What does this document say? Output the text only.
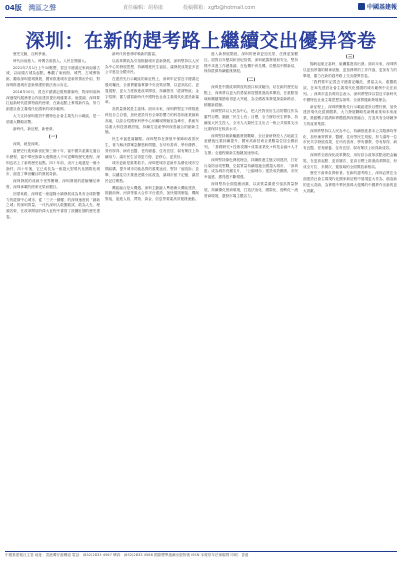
04版 灣區之聲	責任編輯：胡裕康	投稿郵箱：xgfb@hotmail.com	中國基建報
深圳：在新的趕考路上繼續交出優异答卷

歷史交匯，百舸爭流。

時代向前進入，時間告訴我人。人民在閱讀人。

2021年7月1日上午10點整，習近平總書記來到南頭古城，以南頭古城為起點，參觀了東西街、城門、古城博物館、聽取深圳建城發展、國家推進城市更新的情況介紹，對深圳推進城市更新保護的做法表示肯定。

2018年10月，習近平總書記視察廣東時，對深圳前海深港現代服務業合作區建設提出明確要求。他強調，深圳要扛起新時代經濟特區的使命，在新起點上實現新作為，努力創建社會主義現代化國家的城市範例。

大力支持深圳建設中國特色社會主義先行示範區，是一項重大戰略部署。

新時代，新征程，新使命。

(一)

深圳，就是深圳。

當歷史行進到新世紀第三個十年，當中國共產黨走過百年歷程，當中華民族偉大復興進入不可逆轉的歷史進程，深圳也站上了新的歷史起點。四十年前，這片土地還是一個小漁村；四十年後，它已成長為一座超大型現代化國際化城市，創造了舉世矚目的發展奇跡。

深圳發展的成就令世界驚嘆，深圳發展的經驗彌足珍貴，深圳承載的使命光榮而艱巨。

回望來路，深圳從一座邊陲小鎮發展成為具有全球影響力的經濟中心城市，從「三天一層樓」的深圳速度到「創新之城」的深圳質量，一代代深圳人敢闖敢試、敢為人先、埋頭苦幹，在改革開放的偉大征程中書寫了波瀾壯闊的歷史畫卷。

新時代的使命呼喚新的擔當。

以改革開放為引領推動城市更新發展，深圳堅持以人民為中心的發展思想，持續增進民生福祉，讓發展成果更多更公平惠及全體市民。

在建設先行示範區的新征程上，深圳牢記習近平總書記殷切囑託，全面貫徹落實黨中央決策部署，以更高站位、更寬視野、更大力度推進改革開放，持續擦亮「經濟特區」金字招牌，奮力譜寫新時代中國特色社會主義現代化建設新篇章。

高質量發展是主旋律。面向未來，深圳將堅定不移推進科技自立自強，加快建設具有全球影響力的科技和產業創新高地，以綜合性國家科學中心和鵬城實驗室為牽引，系統布局重大科技基礎設施，持續打造產學研深度融合的創新生態。

民生幸福是落腳點。深圳堅持在發展中保障和改善民生，著力解決群眾急難愁盼問題，在幼有善育、學有優教、勞有厚得、病有良醫、老有頤養、住有宜居、弱有眾扶上持續用力，讓市民生活得更方便、更舒心、更美好。

城市更新是重要抓手。深圳把城市更新作為優化城市空間結構、提升城市功能品質的重要途徑，堅持「留改拆」並舉，以繡花功夫推進老舊小區改造，讓城市留下記憶，讓居民記住鄉愁。

灣區融合是大機遇。深圳主動融入粵港澳大灣區建設，推動前海、河套等重大合作平台建設，加快規則銜接、機制對接，促進人員、貨物、資金、信息等要素高效便捷流動。

進入新發展階段，深圳的使命更加光榮，任務更加艱巨。面對百年變局和世紀疫情，深圳統籌發展和安全，堅持穩中求進工作總基調，在危機中育先機、於變局中開新局，保持經濟持續健康發展。

(二)

深圳是中國改革開放的窗口和試驗田。站在新的歷史起點上，深圳將以更大的勇氣和智慧推進改革開放，在重點領域和關鍵環節取得更大突破，為全國改革發展探索新路徑、積累新經驗。

深圳堅持以人民為中心，把人民對美好生活的嚮往作為奮鬥目標。圍繞「民生七有」目標，全力辦好民生實事，持續加大民生投入，全市九大類民生支出占一般公共預算支出比重保持在較高水平。

深圳堅持創新驅動發展戰略，全社會研發投入占地區生產總值比重持續提升，國家高新技術企業數量位居全國前列。「基礎研究+技術攻關+成果產業化+科技金融+人才支撐」全過程創新生態鏈加速形成。

深圳堅持綠色發展理念，持續推進生態文明建設，打好污染防治攻堅戰，空氣質量持續領跑全國超大城市，「深圳藍」成為城市亮麗名片，「公園城市」建設成效顯著，市民幸福感、獲得感不斷增強。

深圳堅持全面從嚴治黨，以高質量黨建引領高質量發展，持續優化營商環境，打造法治化、國際化、便利化一流營商環境，激發市場主體活力。

(三)

揚帆起航正當時，砥礪奮進再出發。面向未來，深圳將以更加昂揚的精神狀態、更加務實的工作作風、更加有力的舉措，奮力在新的趕考路上交出優異答卷。

「我們要牢記習近平總書記囑託，勇當尖兵、敢闖敢試，在率先建設社會主義現代化強國的城市範例中走在前列。」深圳市委負責同志表示，深圳將堅持以習近平新時代中國特色社會主義思想為指導，全面貫徹新發展理念。

新征程上，深圳將聚焦先行示範區建設目標任務，加快建設現代化經濟體系，大力發展戰略性新興產業和未來產業，推動數字經濟和實體經濟深度融合，打造具有全球競爭力的產業集群。

深圳將堅持以人民為中心，持續推進基本公共服務均等化，加快補齊教育、醫療、住房等民生短板，努力讓每一位市民共享發展成果，在幼有善育、學有優教、勞有厚得、病有良醫、老有頤養、住有宜居、弱有眾扶上取得新成效。

深圳將全面深化改革開放，用好綜合改革試點這把金鑰匙，在更高起點、更高層次、更高目標上推進改革開放，形成全方位、多層次、寬領域的全面開放新格局。

歷史不會辜負實幹者。在新的趕考路上，深圳必將在全面建設社會主義現代化國家新征程中展現更大作為，創造新的更大奇跡，為實現中華民族偉大復興的中國夢作出新的更大貢獻。

中國基建報社主管 地址：香港灣仔港灣道 電話：(852)2833 4567 傳真：(852)2833 4568 國際標準連續出版物號 ISSN 本報常年法律顧問 印刷：香港
